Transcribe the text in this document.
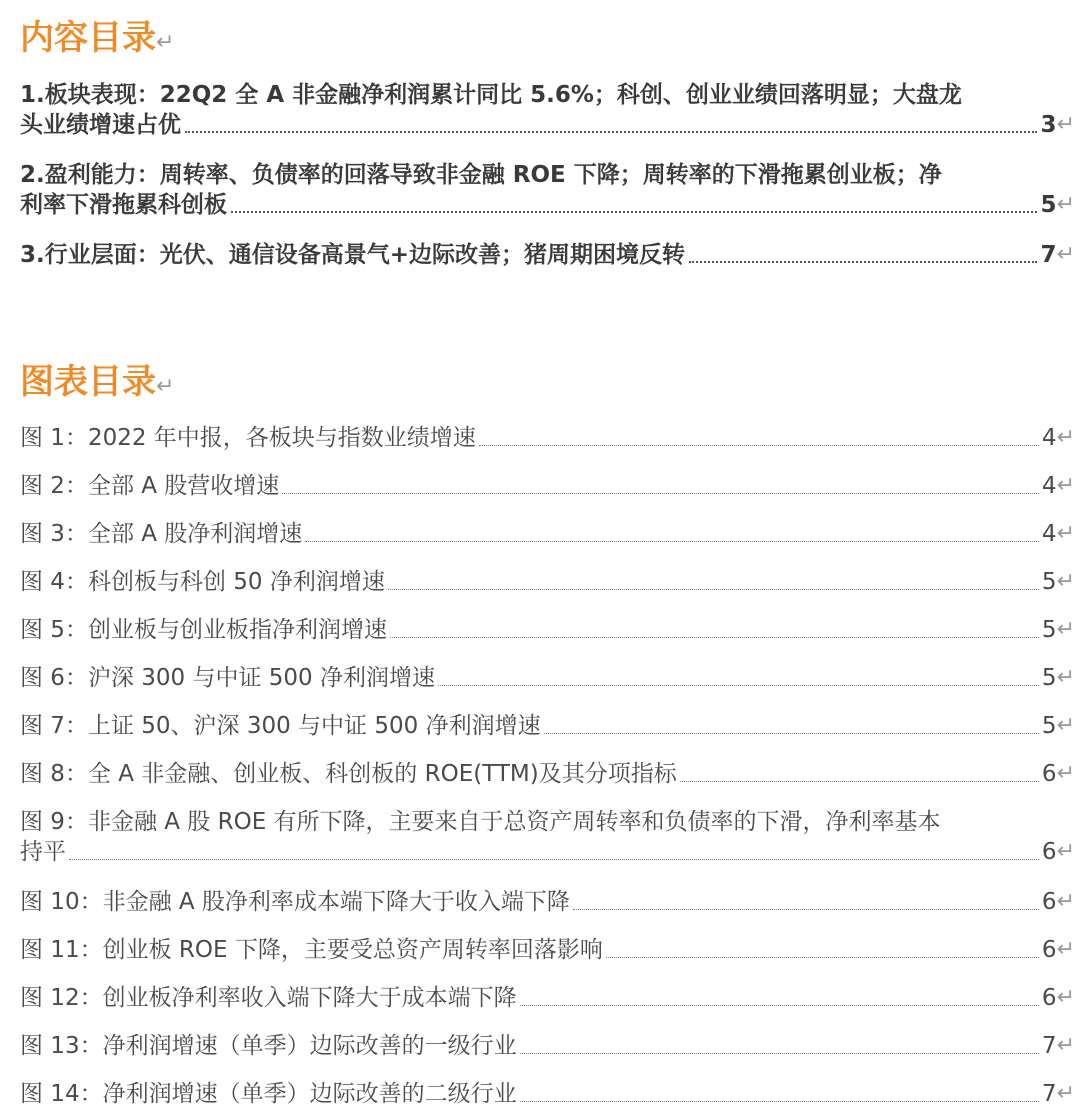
内容目录↵
1.板块表现：22Q2 全 A 非金融净利润累计同比 5.6%；科创、创业业绩回落明显；大盘龙
头业绩增速占优	3 ↵
2.盈利能力：周转率、负债率的回落导致非金融 ROE 下降；周转率的下滑拖累创业板；净
利率下滑拖累科创板	5 ↵
3.行业层面：光伏、通信设备高景气+边际改善；猪周期困境反转	7 ↵
图表目录↵
图 1：2022 年中报，各板块与指数业绩增速	4 ↵
图 2：全部 A 股营收增速	4 ↵
图 3：全部 A 股净利润增速	4 ↵
图 4：科创板与科创 50 净利润增速	5 ↵
图 5：创业板与创业板指净利润增速	5 ↵
图 6：沪深 300 与中证 500 净利润增速	5 ↵
图 7：上证 50、沪深 300 与中证 500 净利润增速	5 ↵
图 8：全 A 非金融、创业板、科创板的 ROE(TTM)及其分项指标	6 ↵
图 9：非金融 A 股 ROE 有所下降，主要来自于总资产周转率和负债率的下滑，净利率基本
持平	6 ↵
图 10：非金融 A 股净利率成本端下降大于收入端下降	6 ↵
图 11：创业板 ROE 下降，主要受总资产周转率回落影响	6 ↵
图 12：创业板净利率收入端下降大于成本端下降	6 ↵
图 13：净利润增速（单季）边际改善的一级行业	7 ↵
图 14：净利润增速（单季）边际改善的二级行业	7 ↵
